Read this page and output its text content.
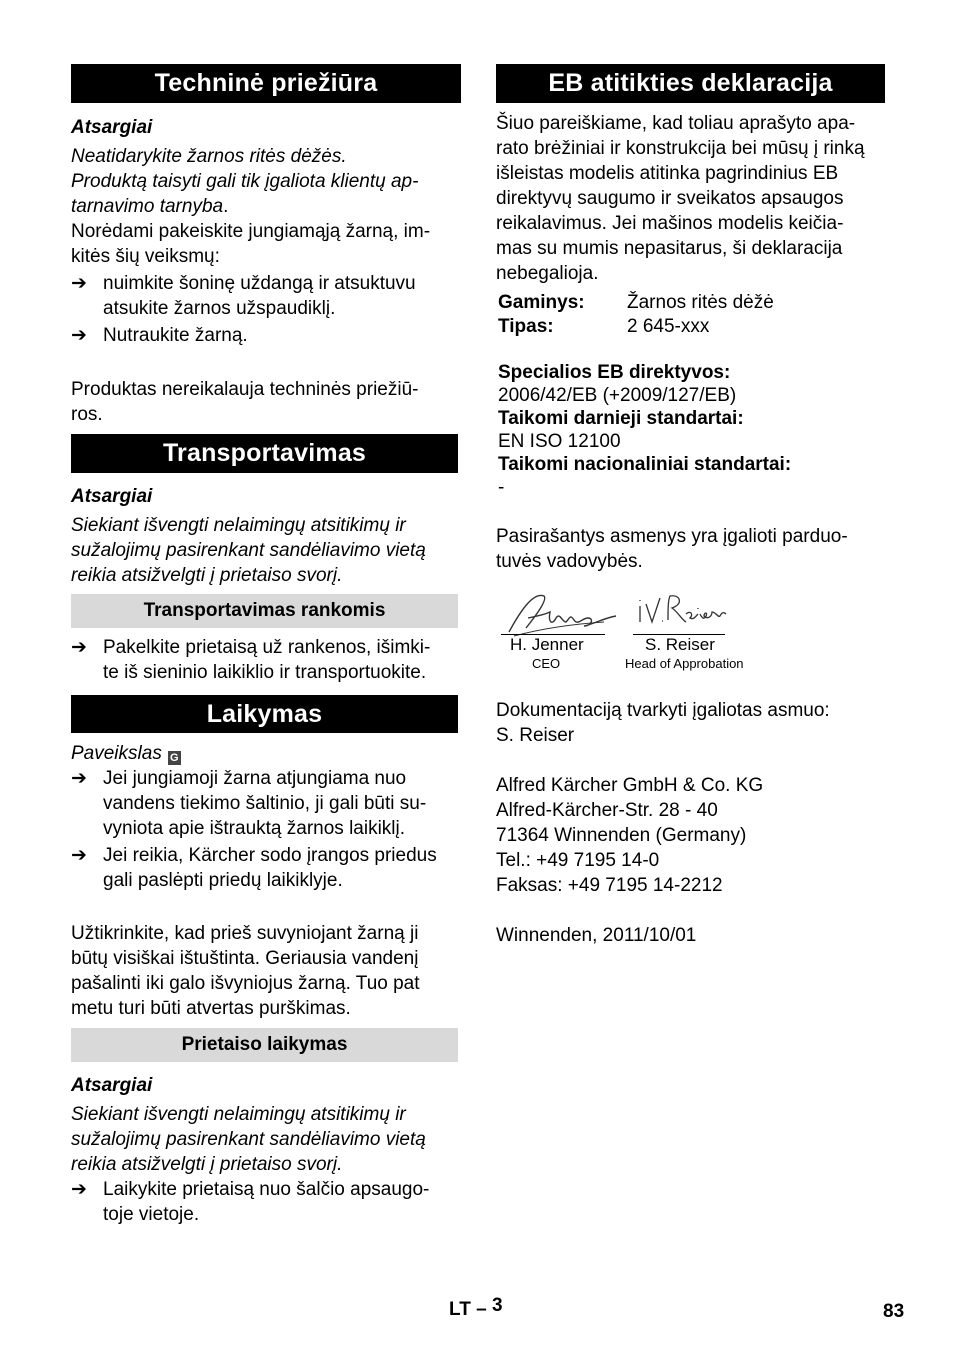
Techninė priežiūra

Atsargiai

Neatidarykite žarnos ritės dėžės.

Produktą taisyti gali tik įgaliota klientų ap-

tarnavimo tarnyba.

Norėdami pakeiskite jungiamąją žarną, im-

kitės šių veiksmų:

➔ nuimkite šoninę uždangą ir atsuktuvu

atsukite žarnos užspaudiklį.

➔ Nutraukite žarną.

Produktas nereikalauja techninės priežiū-

ros.

Transportavimas

Atsargiai

Siekiant išvengti nelaimingų atsitikimų ir

sužalojimų pasirenkant sandėliavimo vietą

reikia atsižvelgti į prietaiso svorį.

Transportavimas rankomis
➔ Pakelkite prietaisą už rankenos, išimki-

te iš sieninio laikiklio ir transportuokite.

Laikymas

Paveikslas G

➔ Jei jungiamoji žarna atjungiama nuo

vandens tiekimo šaltinio, ji gali būti su-

vyniota apie ištrauktą žarnos laikiklį.

➔ Jei reikia, Kärcher sodo įrangos priedus

gali paslėpti priedų laikiklyje.

Užtikrinkite, kad prieš suvyniojant žarną ji

būtų visiškai ištuštinta. Geriausia vandenį

pašalinti iki galo išvyniojus žarną. Tuo pat

metu turi būti atvertas purškimas.

Prietaiso laikymas

Atsargiai

Siekiant išvengti nelaimingų atsitikimų ir

sužalojimų pasirenkant sandėliavimo vietą

reikia atsižvelgti į prietaiso svorį.

➔ Laikykite prietaisą nuo šalčio apsaugo-

toje vietoje.

EB atitikties deklaracija

Šiuo pareiškiame, kad toliau aprašyto apa-

rato brėžiniai ir konstrukcija bei mūsų į rinką

išleistas modelis atitinka pagrindinius EB

direktyvų saugumo ir sveikatos apsaugos

reikalavimus. Jei mašinos modelis keičia-

mas su mumis nepasitarus, ši deklaracija

nebegalioja.

Gaminys:	Žarnos ritės dėžė
Tipas:	2 645-xxx

Specialios EB direktyvos:

2006/42/EB (+2009/127/EB)

Taikomi darnieji standartai:

EN ISO 12100

Taikomi nacionaliniai standartai:

-

Pasirašantys asmenys yra įgalioti parduo-

tuvės vadovybės.

H. Jenner
CEO
S. Reiser
Head of Approbation

Dokumentaciją tvarkyti įgaliotas asmuo:

S. Reiser

Alfred Kärcher GmbH & Co. KG

Alfred-Kärcher-Str. 28 - 40

71364 Winnenden (Germany)

Tel.: +49 7195 14-0

Faksas: +49 7195 14-2212

Winnenden, 2011/10/01

LT – 3	83
